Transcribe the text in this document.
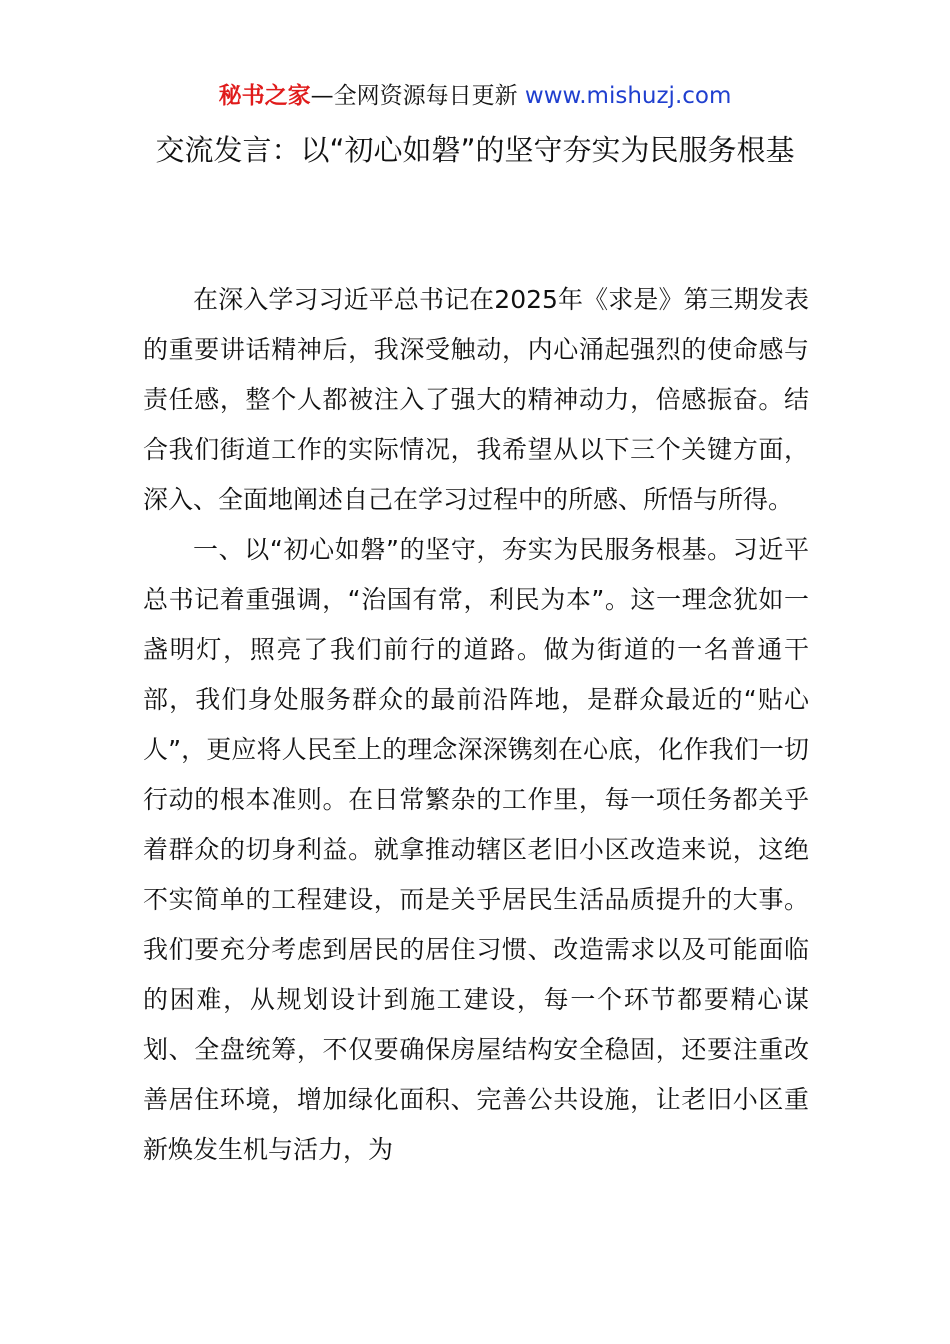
秘书之家—全网资源每日更新 www.mishuzj.com
交流发言：以“初心如磐”的坚守夯实为民服务根基

在深入学习习近平总书记在2025年《求是》第三期发表的重要讲话精神后，我深受触动，内心涌起强烈的使命感与责任感，整个人都被注入了强大的精神动力，倍感振奋。结合我们街道工作的实际情况，我希望从以下三个关键方面，深入、全面地阐述自己在学习过程中的所感、所悟与所得。

一、以“初心如磐”的坚守，夯实为民服务根基。习近平总书记着重强调，“治国有常，利民为本”。这一理念犹如一盏明灯，照亮了我们前行的道路。做为街道的一名普通干部，我们身处服务群众的最前沿阵地，是群众最近的“贴心人”，更应将人民至上的理念深深镌刻在心底，化作我们一切行动的根本准则。在日常繁杂的工作里，每一项任务都关乎着群众的切身利益。就拿推动辖区老旧小区改造来说，这绝不实简单的工程建设，而是关乎居民生活品质提升的大事。我们要充分考虑到居民的居住习惯、改造需求以及可能面临的困难，从规划设计到施工建设，每一个环节都要精心谋划、全盘统筹，不仅要确保房屋结构安全稳固，还要注重改善居住环境，增加绿化面积、完善公共设施，让老旧小区重新焕发生机与活力，为
